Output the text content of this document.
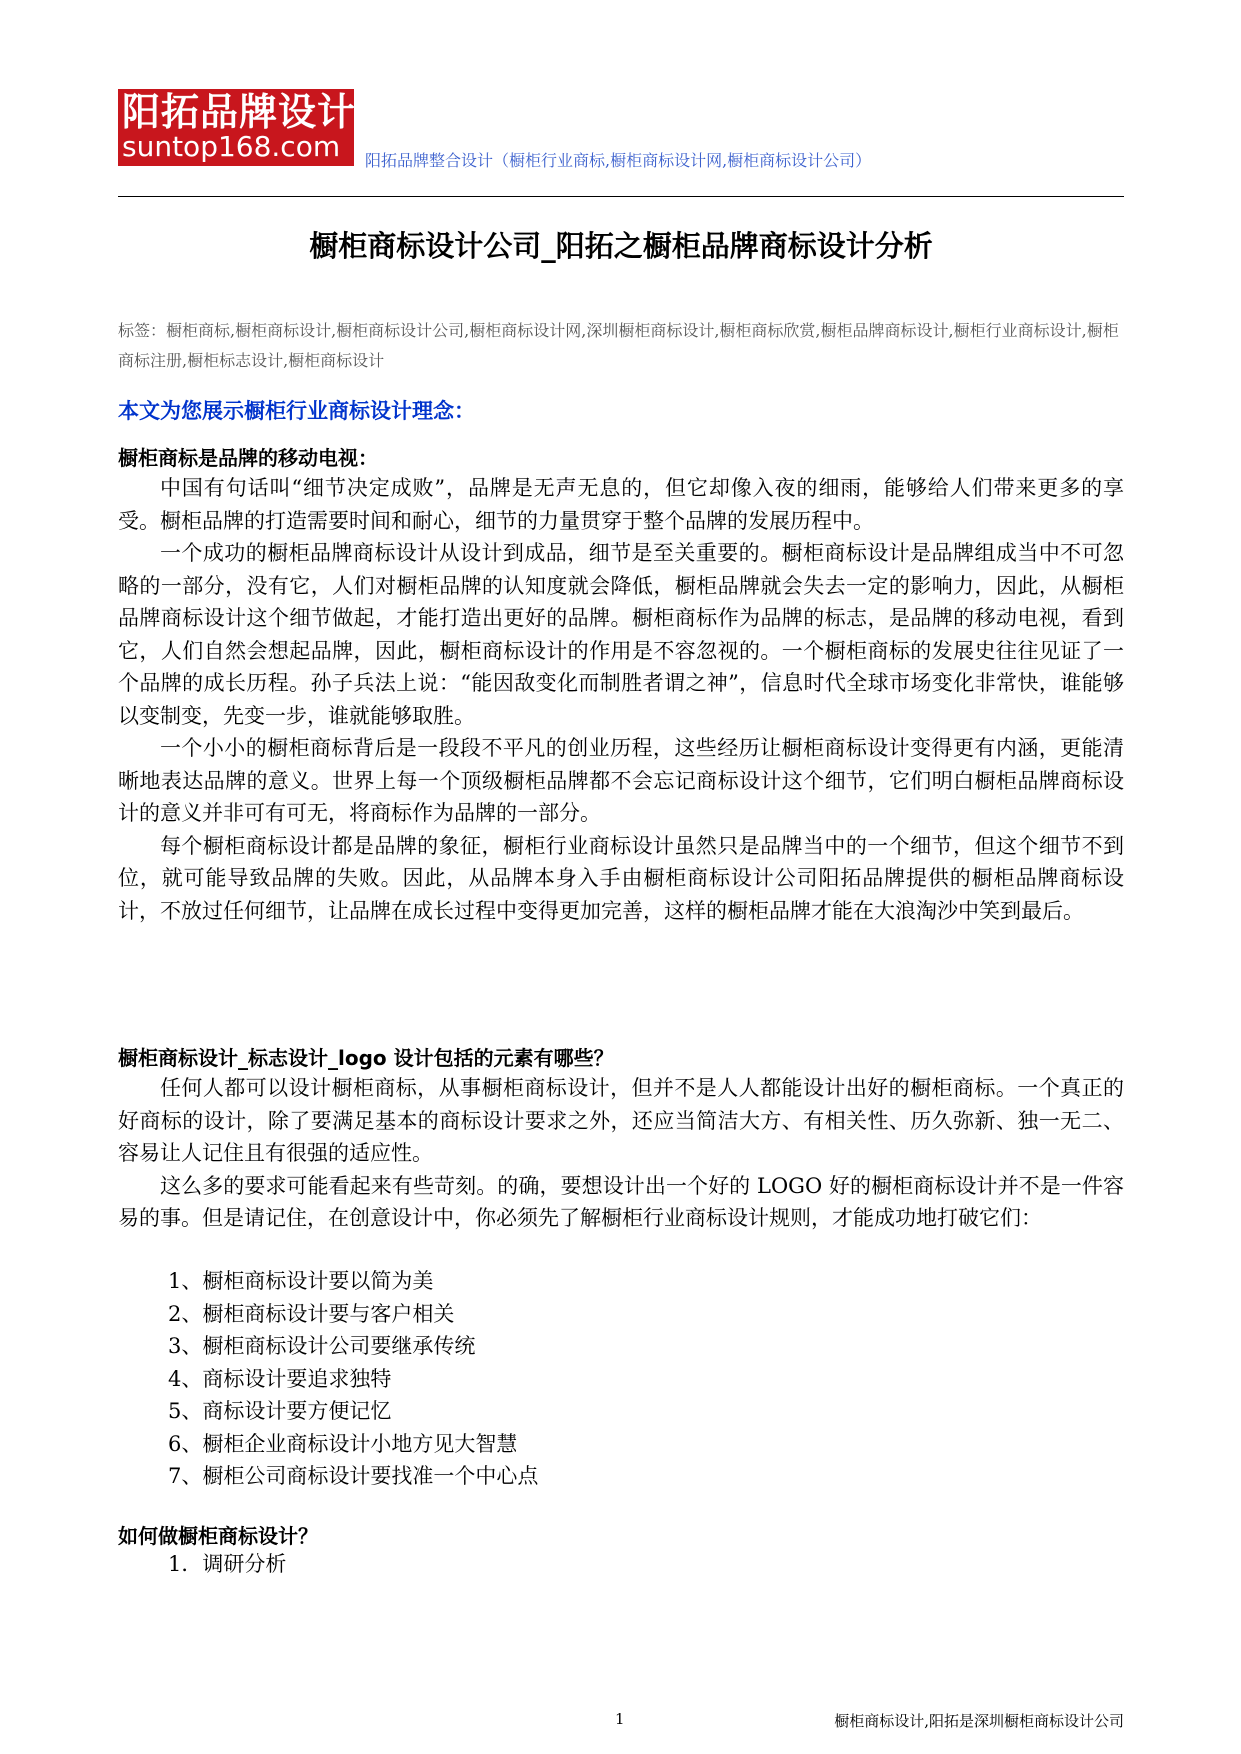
阳拓品牌设计
suntop168.com 阳拓品牌整合设计（橱柜行业商标,橱柜商标设计网,橱柜商标设计公司）
橱柜商标设计公司_阳拓之橱柜品牌商标设计分析
标签：橱柜商标,橱柜商标设计,橱柜商标设计公司,橱柜商标设计网,深圳橱柜商标设计,橱柜商标欣赏,橱柜品牌商标设计,橱柜行业商标设计,橱柜商标注册,橱柜标志设计,橱柜商标设计
本文为您展示橱柜行业商标设计理念：
橱柜商标是品牌的移动电视：

中国有句话叫“细节决定成败”，品牌是无声无息的，但它却像入夜的细雨，能够给人们带来更多的享受。橱柜品牌的打造需要时间和耐心，细节的力量贯穿于整个品牌的发展历程中。

一个成功的橱柜品牌商标设计从设计到成品，细节是至关重要的。橱柜商标设计是品牌组成当中不可忽略的一部分，没有它，人们对橱柜品牌的认知度就会降低，橱柜品牌就会失去一定的影响力，因此，从橱柜品牌商标设计这个细节做起，才能打造出更好的品牌。橱柜商标作为品牌的标志，是品牌的移动电视，看到它，人们自然会想起品牌，因此，橱柜商标设计的作用是不容忽视的。一个橱柜商标的发展史往往见证了一个品牌的成长历程。孙子兵法上说：“能因敌变化而制胜者谓之神”，信息时代全球市场变化非常快，谁能够以变制变，先变一步，谁就能够取胜。

一个小小的橱柜商标背后是一段段不平凡的创业历程，这些经历让橱柜商标设计变得更有内涵，更能清晰地表达品牌的意义。世界上每一个顶级橱柜品牌都不会忘记商标设计这个细节，它们明白橱柜品牌商标设计的意义并非可有可无，将商标作为品牌的一部分。

每个橱柜商标设计都是品牌的象征，橱柜行业商标设计虽然只是品牌当中的一个细节，但这个细节不到位，就可能导致品牌的失败。因此，从品牌本身入手由橱柜商标设计公司阳拓品牌提供的橱柜品牌商标设计，不放过任何细节，让品牌在成长过程中变得更加完善，这样的橱柜品牌才能在大浪淘沙中笑到最后。

橱柜商标设计_标志设计_logo 设计包括的元素有哪些？

任何人都可以设计橱柜商标，从事橱柜商标设计，但并不是人人都能设计出好的橱柜商标。一个真正的好商标的设计，除了要满足基本的商标设计要求之外，还应当简洁大方、有相关性、历久弥新、独一无二、容易让人记住且有很强的适应性。

这么多的要求可能看起来有些苛刻。的确，要想设计出一个好的 LOGO 好的橱柜商标设计并不是一件容易的事。但是请记住，在创意设计中，你必须先了解橱柜行业商标设计规则，才能成功地打破它们：

1、橱柜商标设计要以简为美
2、橱柜商标设计要与客户相关
3、橱柜商标设计公司要继承传统
4、商标设计要追求独特
5、商标设计要方便记忆
6、橱柜企业商标设计小地方见大智慧
7、橱柜公司商标设计要找准一个中心点
如何做橱柜商标设计？
1．调研分析
1	橱柜商标设计,阳拓是深圳橱柜商标设计公司
